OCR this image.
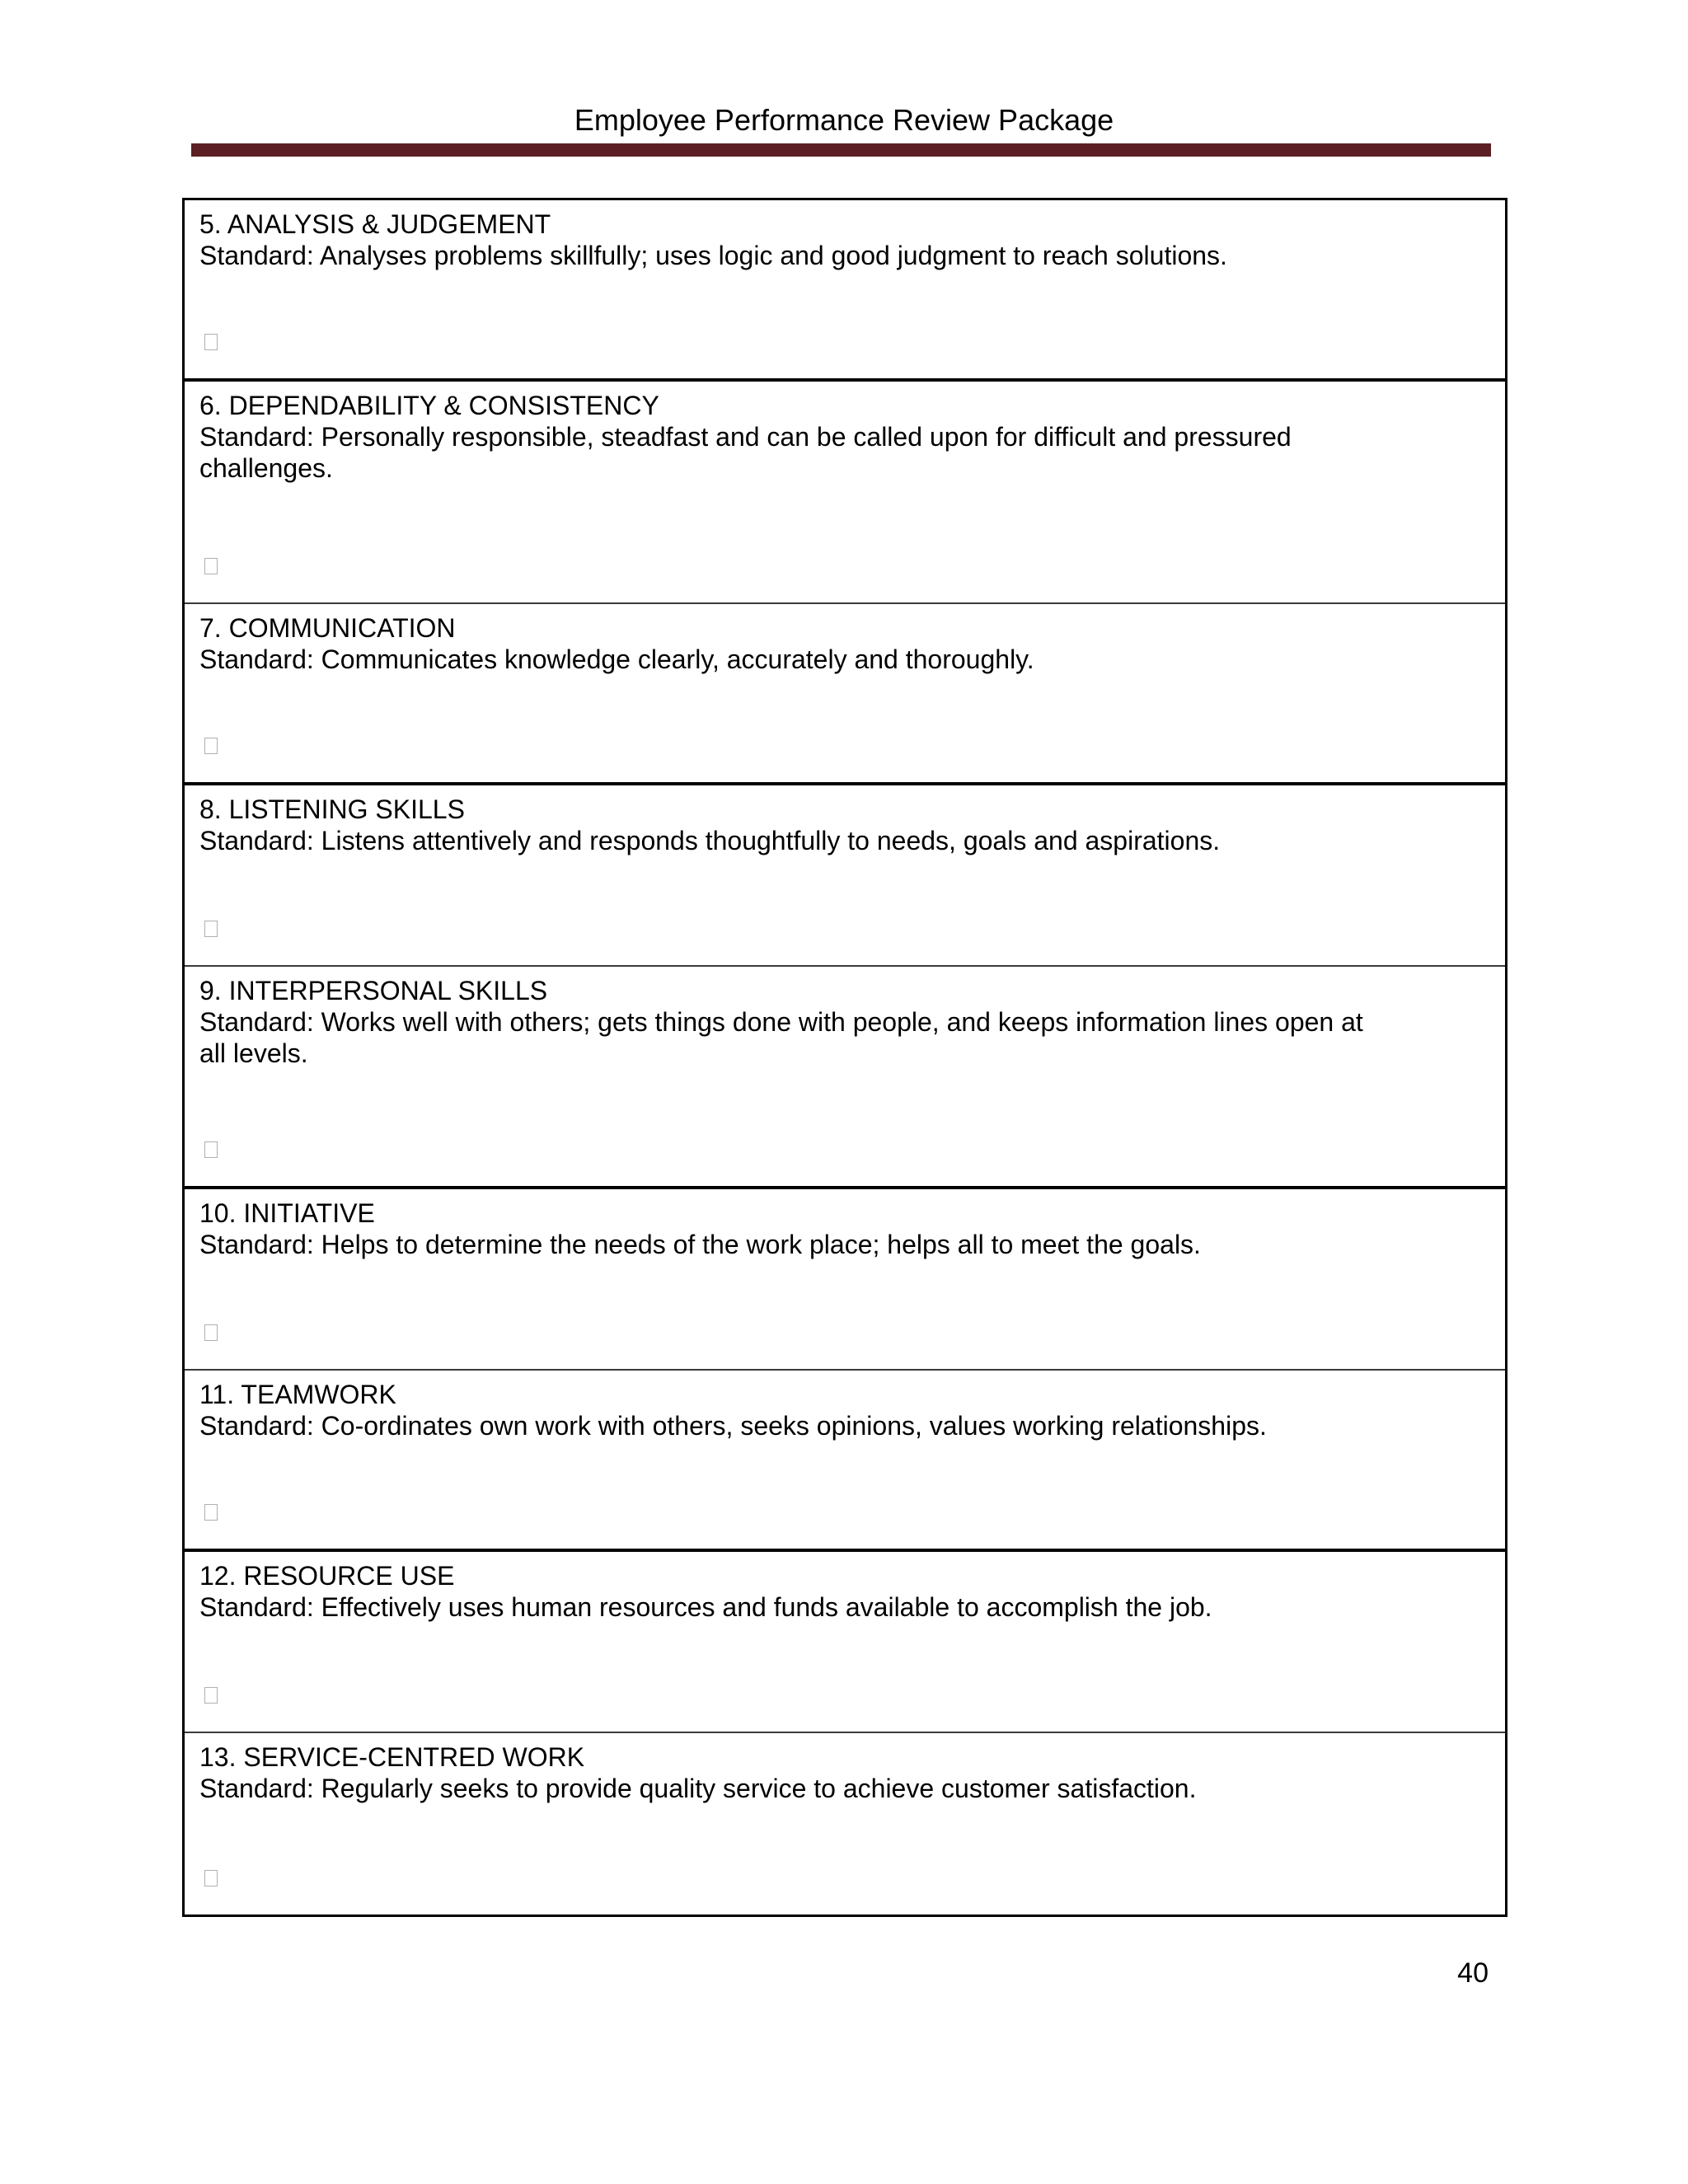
Employee Performance Review Package
5. ANALYSIS & JUDGEMENT
Standard: Analyses problems skillfully; uses logic and good judgment to reach solutions.
6. DEPENDABILITY & CONSISTENCY
Standard: Personally responsible, steadfast and can be called upon for difficult and pressured challenges.
7. COMMUNICATION
Standard: Communicates knowledge clearly, accurately and thoroughly.
8. LISTENING SKILLS
Standard: Listens attentively and responds thoughtfully to needs, goals and aspirations.
9. INTERPERSONAL SKILLS
Standard: Works well with others; gets things done with people, and keeps information lines open at all levels.
10. INITIATIVE
Standard: Helps to determine the needs of the work place; helps all to meet the goals.
11. TEAMWORK
Standard: Co-ordinates own work with others, seeks opinions, values working relationships.
12. RESOURCE USE
Standard: Effectively uses human resources and funds available to accomplish the job.
13. SERVICE-CENTRED WORK
Standard: Regularly seeks to provide quality service to achieve customer satisfaction.
40
